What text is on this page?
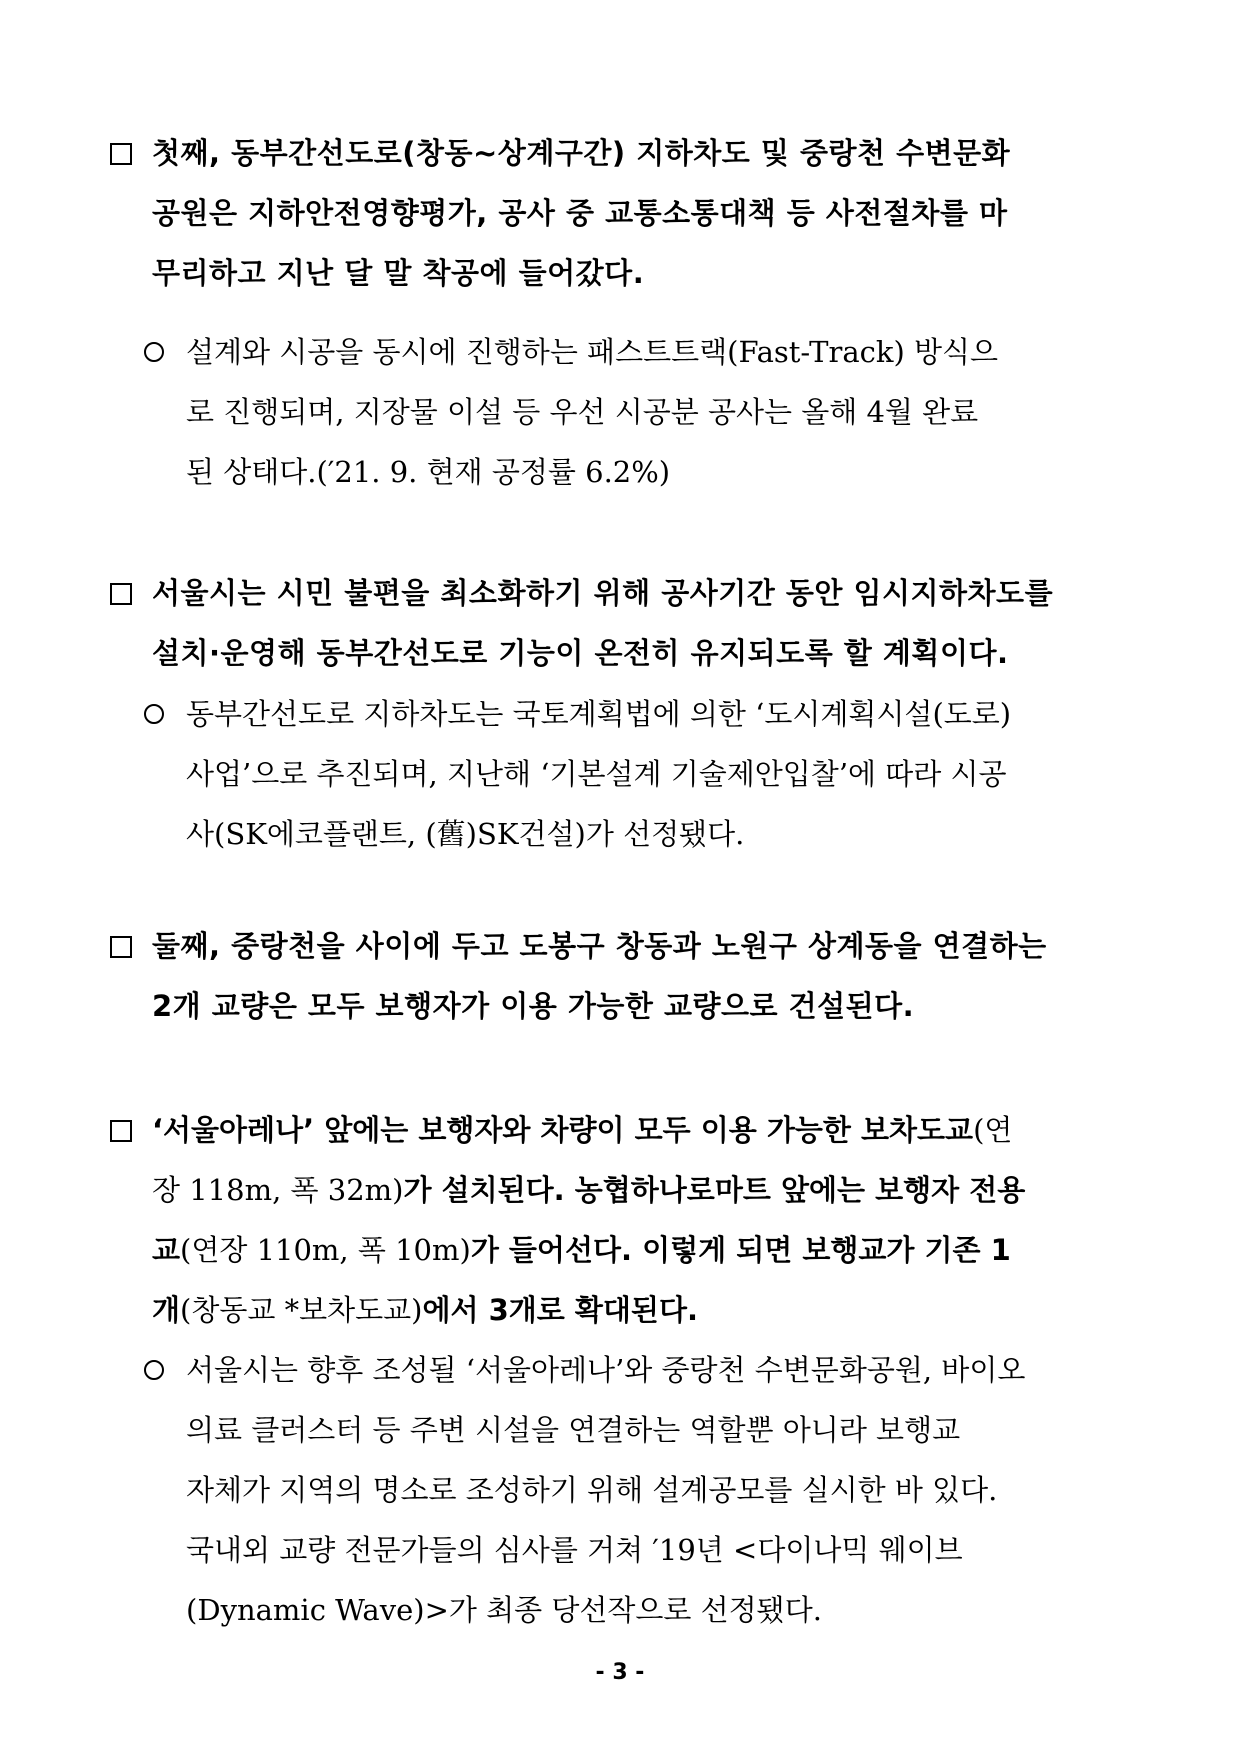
첫째, 동부간선도로(창동~상계구간) 지하차도 및 중랑천 수변문화
공원은 지하안전영향평가, 공사 중 교통소통대책 등 사전절차를 마
무리하고 지난 달 말 착공에 들어갔다.
설계와 시공을 동시에 진행하는 패스트트랙(Fast-Track) 방식으
로 진행되며, 지장물 이설 등 우선 시공분 공사는 올해 4월 완료
된 상태다.(′21. 9. 현재 공정률 6.2%)
서울시는 시민 불편을 최소화하기 위해 공사기간 동안 임시지하차도를
설치·운영해 동부간선도로 기능이 온전히 유지되도록 할 계획이다.
동부간선도로 지하차도는 국토계획법에 의한 ‘도시계획시설(도로)
사업’으로 추진되며, 지난해 ‘기본설계 기술제안입찰’에 따라 시공
사(SK에코플랜트, (舊)SK건설)가 선정됐다.
둘째, 중랑천을 사이에 두고 도봉구 창동과 노원구 상계동을 연결하는
2개 교량은 모두 보행자가 이용 가능한 교량으로 건설된다.
‘서울아레나’ 앞에는 보행자와 차량이 모두 이용 가능한 보차도교(연
장 118m, 폭 32m)가 설치된다. 농협하나로마트 앞에는 보행자 전용
교(연장 110m, 폭 10m)가 들어선다. 이렇게 되면 보행교가 기존 1
개(창동교 *보차도교)에서 3개로 확대된다.
서울시는 향후 조성될 ‘서울아레나’와 중랑천 수변문화공원, 바이오
의료 클러스터 등 주변 시설을 연결하는 역할뿐 아니라 보행교
자체가 지역의 명소로 조성하기 위해 설계공모를 실시한 바 있다.
국내외 교량 전문가들의 심사를 거쳐 ′19년 <다이나믹 웨이브
(Dynamic Wave)>가 최종 당선작으로 선정됐다.
- 3 -
